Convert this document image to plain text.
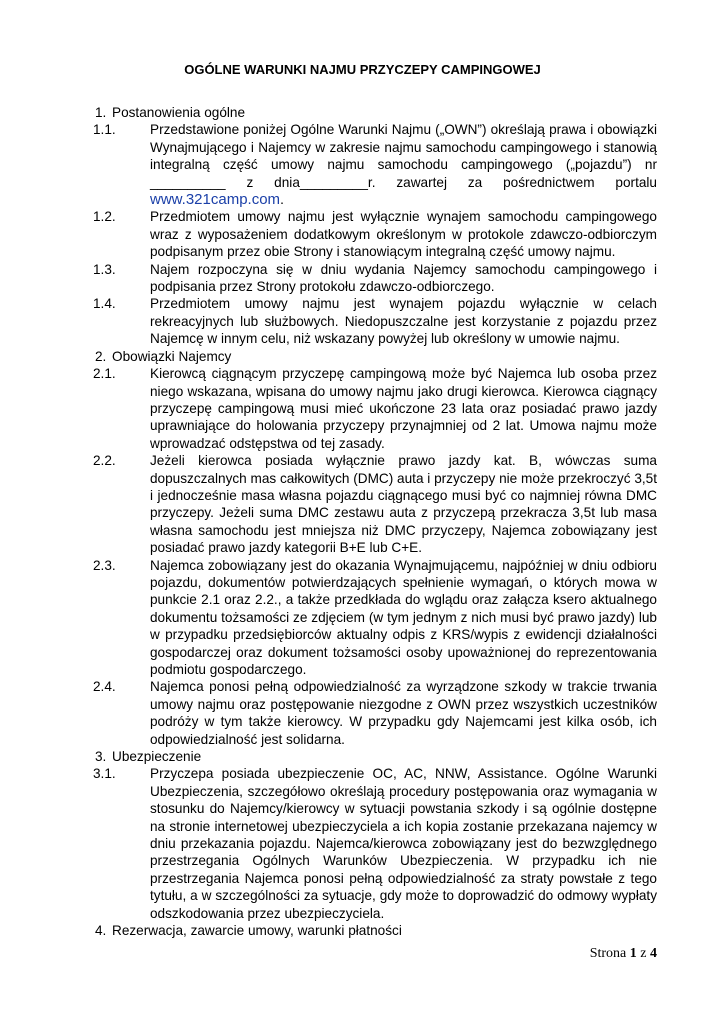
OGÓLNE WARUNKI NAJMU PRZYCZEPY CAMPINGOWEJ
1. Postanowienia ogólne

1.1.	Przedstawione poniżej Ogólne Warunki Najmu („OWN”) określają prawa i obowiązki Wynajmującego i Najemcy w zakresie najmu samochodu campingowego i stanowią integralną część umowy najmu samochodu campingowego („pojazdu”) nr __________ z dnia_________r. zawartej za pośrednictwem portalu www.321camp.com.

1.2.	Przedmiotem umowy najmu jest wyłącznie wynajem samochodu campingowego wraz z wyposażeniem dodatkowym określonym w protokole zdawczo-odbiorczym podpisanym przez obie Strony i stanowiącym integralną część umowy najmu.

1.3.	Najem rozpoczyna się w dniu wydania Najemcy samochodu campingowego i podpisania przez Strony protokołu zdawczo-odbiorczego.

1.4.	Przedmiotem umowy najmu jest wynajem pojazdu wyłącznie w celach rekreacyjnych lub służbowych. Niedopuszczalne jest korzystanie z pojazdu przez Najemcę w innym celu, niż wskazany powyżej lub określony w umowie najmu.

2. Obowiązki Najemcy

2.1.	Kierowcą ciągnącym przyczepę campingową może być Najemca lub osoba przez niego wskazana, wpisana do umowy najmu jako drugi kierowca. Kierowca ciągnący przyczepę campingową musi mieć ukończone 23 lata oraz posiadać prawo jazdy uprawniające do holowania przyczepy przynajmniej od 2 lat. Umowa najmu może wprowadzać odstępstwa od tej zasady.

2.2.	Jeżeli kierowca posiada wyłącznie prawo jazdy kat. B, wówczas suma dopuszczalnych mas całkowitych (DMC) auta i przyczepy nie może przekroczyć 3,5t i jednocześnie masa własna pojazdu ciągnącego musi być co najmniej równa DMC przyczepy. Jeżeli suma DMC zestawu auta z przyczepą przekracza 3,5t lub masa własna samochodu jest mniejsza niż DMC przyczepy, Najemca zobowiązany jest posiadać prawo jazdy kategorii B+E lub C+E.

2.3.	Najemca zobowiązany jest do okazania Wynajmującemu, najpóźniej w dniu odbioru pojazdu, dokumentów potwierdzających spełnienie wymagań, o których mowa w punkcie 2.1 oraz 2.2., a także przedkłada do wglądu oraz załącza ksero aktualnego dokumentu tożsamości ze zdjęciem (w tym jednym z nich musi być prawo jazdy) lub w przypadku przedsiębiorców aktualny odpis z KRS/wypis z ewidencji działalności gospodarczej oraz dokument tożsamości osoby upoważnionej do reprezentowania podmiotu gospodarczego.

2.4.	Najemca ponosi pełną odpowiedzialność za wyrządzone szkody w trakcie trwania umowy najmu oraz postępowanie niezgodne z OWN przez wszystkich uczestników podróży w tym także kierowcy. W przypadku gdy Najemcami jest kilka osób, ich odpowiedzialność jest solidarna.

3. Ubezpieczenie

3.1.	Przyczepa posiada ubezpieczenie OC, AC, NNW, Assistance. Ogólne Warunki Ubezpieczenia, szczegółowo określają procedury postępowania oraz wymagania w stosunku do Najemcy/kierowcy w sytuacji powstania szkody i są ogólnie dostępne na stronie internetowej ubezpieczyciela a ich kopia zostanie przekazana najemcy w dniu przekazania pojazdu. Najemca/kierowca zobowiązany jest do bezwzględnego przestrzegania Ogólnych Warunków Ubezpieczenia. W przypadku ich nie przestrzegania Najemca ponosi pełną odpowiedzialność za straty powstałe z tego tytułu, a w szczególności za sytuacje, gdy może to doprowadzić do odmowy wypłaty odszkodowania przez ubezpieczyciela.

4. Rezerwacja, zawarcie umowy, warunki płatności
Strona 1 z 4
